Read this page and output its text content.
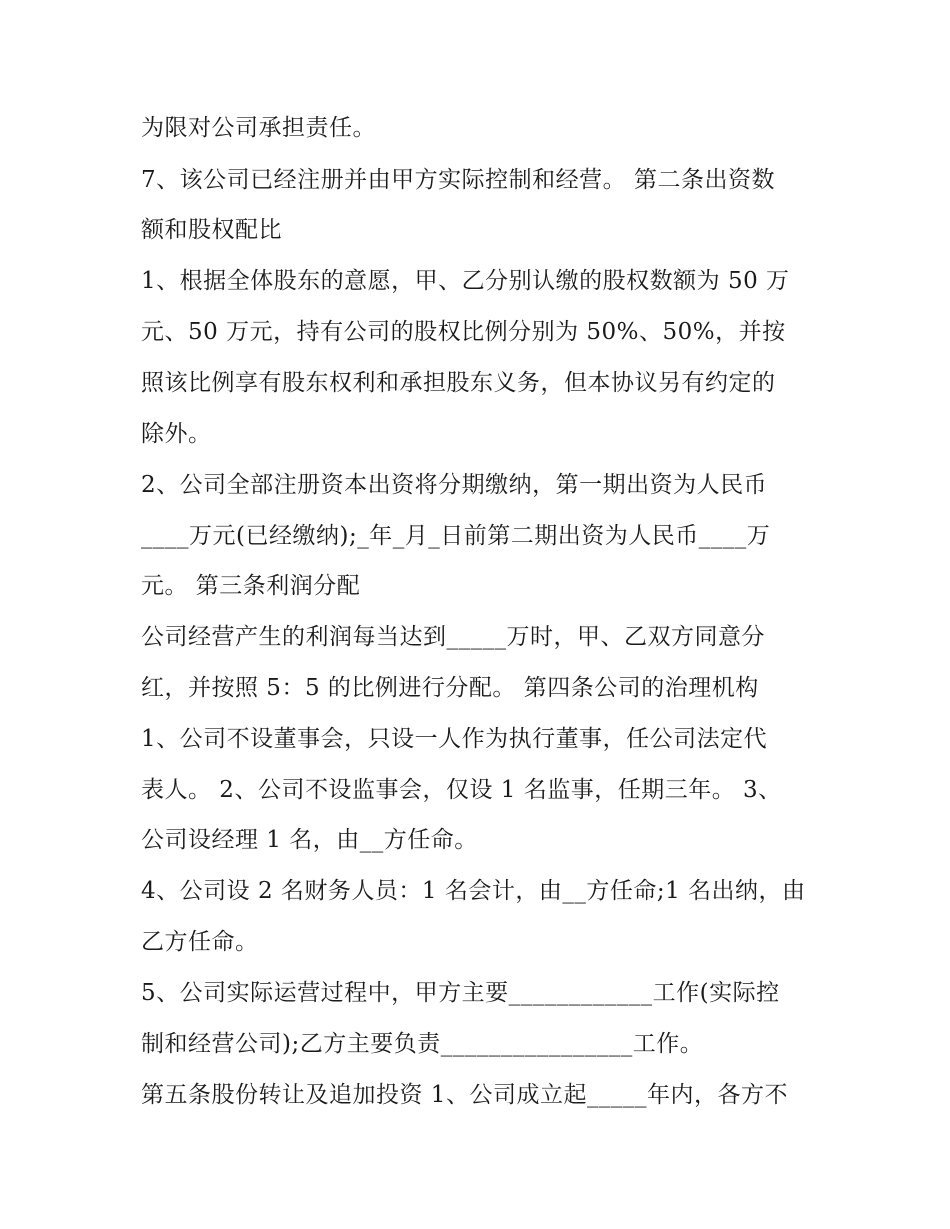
为限对公司承担责任。
7、该公司已经注册并由甲方实际控制和经营。 第二条出资数
额和股权配比
1、根据全体股东的意愿，甲、乙分别认缴的股权数额为 50 万
元、50 万元，持有公司的股权比例分别为 50%、50%，并按
照该比例享有股东权利和承担股东义务，但本协议另有约定的
除外。
2、公司全部注册资本出资将分期缴纳，第一期出资为人民币
____万元(已经缴纳);_年_月_日前第二期出资为人民币____万
元。 第三条利润分配
公司经营产生的利润每当达到_____万时，甲、乙双方同意分
红，并按照 5：5 的比例进行分配。 第四条公司的治理机构
1、公司不设董事会，只设一人作为执行董事，任公司法定代
表人。 2、公司不设监事会，仅设 1 名监事，任期三年。 3、
公司设经理 1 名，由__方任命。
4、公司设 2 名财务人员：1 名会计，由__方任命;1 名出纳，由
乙方任命。
5、公司实际运营过程中，甲方主要____________工作(实际控
制和经营公司);乙方主要负责________________工作。
第五条股份转让及追加投资 1、公司成立起_____年内，各方不
